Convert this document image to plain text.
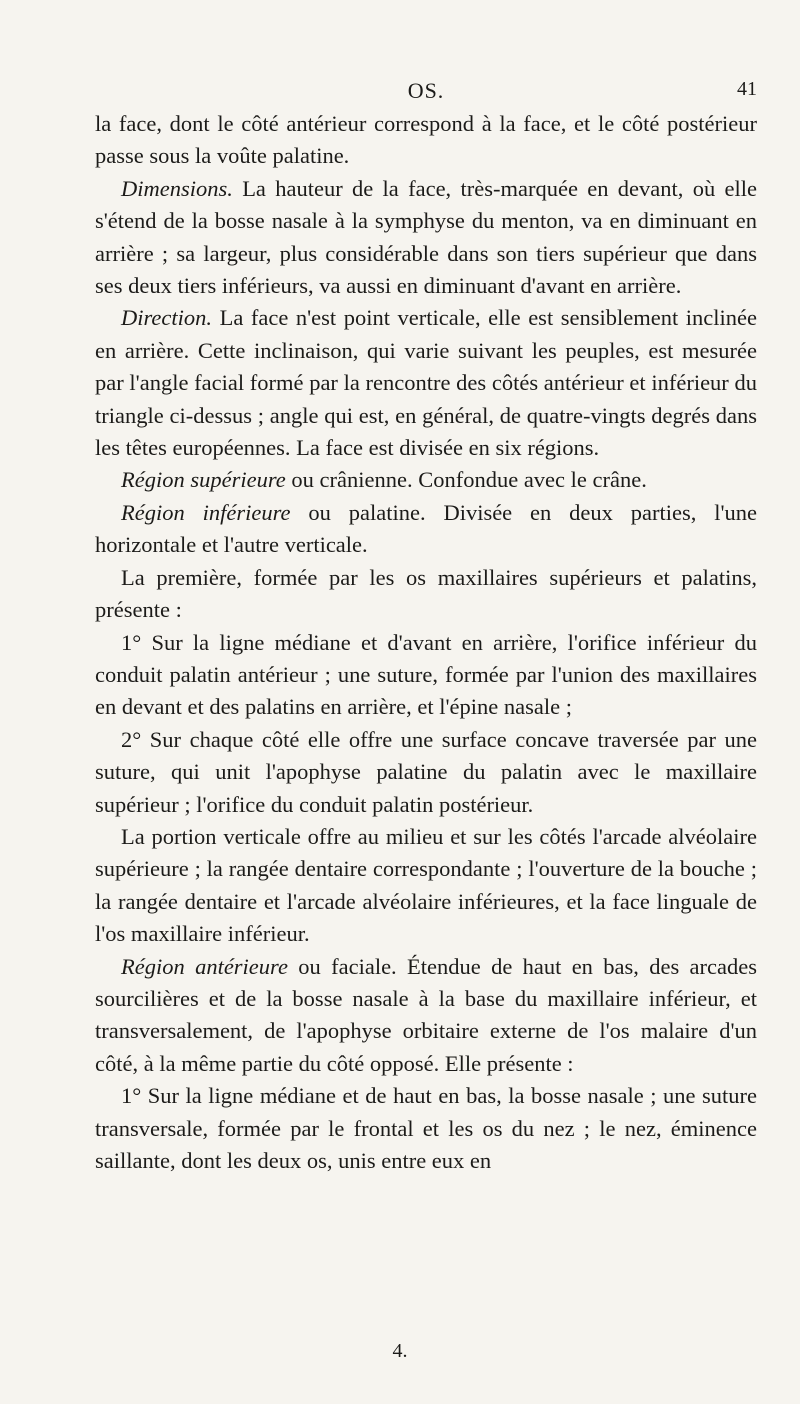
OS.	41

la face, dont le côté antérieur correspond à la face, et le côté postérieur passe sous la voûte palatine.

Dimensions. La hauteur de la face, très-marquée en devant, où elle s'étend de la bosse nasale à la symphyse du menton, va en diminuant en arrière ; sa largeur, plus considérable dans son tiers supérieur que dans ses deux tiers inférieurs, va aussi en diminuant d'avant en arrière.

Direction. La face n'est point verticale, elle est sensiblement inclinée en arrière. Cette inclinaison, qui varie suivant les peuples, est mesurée par l'angle facial formé par la rencontre des côtés antérieur et inférieur du triangle ci-dessus ; angle qui est, en général, de quatre-vingts degrés dans les têtes européennes. La face est divisée en six régions.

Région supérieure ou crânienne. Confondue avec le crâne.

Région inférieure ou palatine. Divisée en deux parties, l'une horizontale et l'autre verticale.

La première, formée par les os maxillaires supérieurs et palatins, présente :

1° Sur la ligne médiane et d'avant en arrière, l'orifice inférieur du conduit palatin antérieur ; une suture, formée par l'union des maxillaires en devant et des palatins en arrière, et l'épine nasale ;

2° Sur chaque côté elle offre une surface concave traversée par une suture, qui unit l'apophyse palatine du palatin avec le maxillaire supérieur ; l'orifice du conduit palatin postérieur.

La portion verticale offre au milieu et sur les côtés l'arcade alvéolaire supérieure ; la rangée dentaire correspondante ; l'ouverture de la bouche ; la rangée dentaire et l'arcade alvéolaire inférieures, et la face linguale de l'os maxillaire inférieur.

Région antérieure ou faciale. Étendue de haut en bas, des arcades sourcilières et de la bosse nasale à la base du maxillaire inférieur, et transversalement, de l'apophyse orbitaire externe de l'os malaire d'un côté, à la même partie du côté opposé. Elle présente :

1° Sur la ligne médiane et de haut en bas, la bosse nasale ; une suture transversale, formée par le frontal et les os du nez ; le nez, éminence saillante, dont les deux os, unis entre eux en

4.
